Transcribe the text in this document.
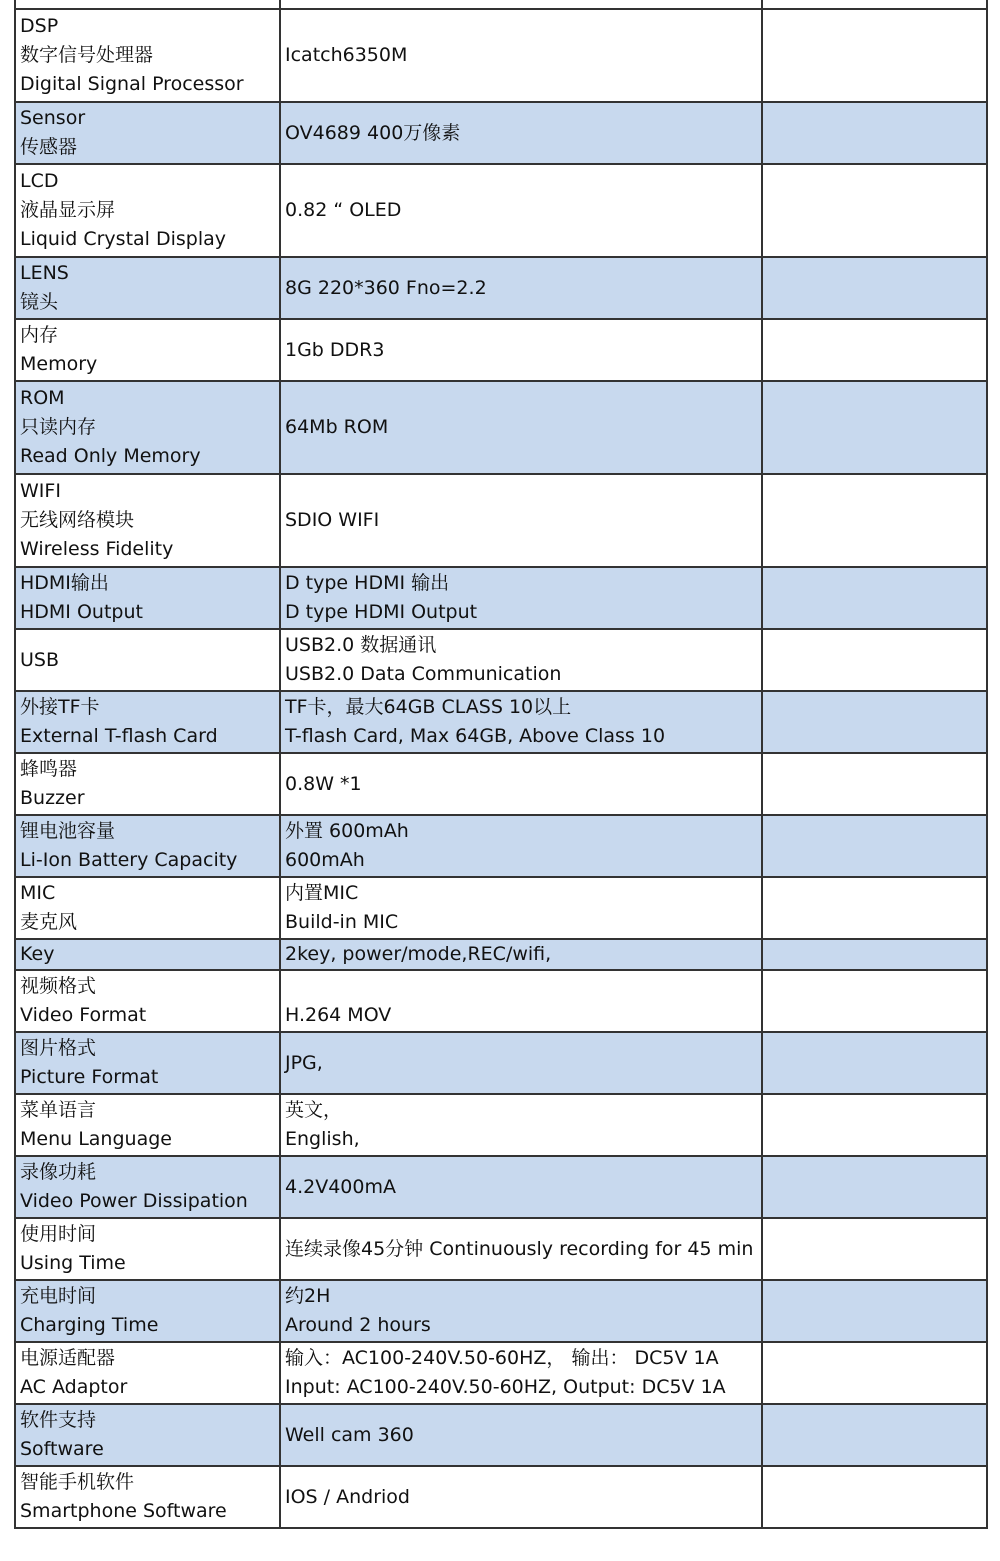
DSP
数字信号处理器
Digital Signal Processor	Icatch6350M	

Sensor
传感器	OV4689 400万像素	

LCD
液晶显示屏
Liquid Crystal Display	0.82 “ OLED	

LENS
镜头	8G 220*360 Fno=2.2	

内存
Memory	1Gb DDR3	

ROM
只读内存
Read Only Memory	64Mb ROM	

WIFI
无线网络模块
Wireless Fidelity	SDIO WIFI	

HDMI输出
HDMI Output	D type HDMI 输出
D type HDMI Output	

USB	USB2.0 数据通讯
USB2.0 Data Communication	

外接TF卡
External T-flash Card	TF卡，最大64GB CLASS 10以上
T-flash Card, Max 64GB, Above Class 10	

蜂鸣器
Buzzer	0.8W *1	

锂电池容量
Li-Ion Battery Capacity	外置 600mAh
600mAh	

MIC
麦克风	内置MIC
Build-in MIC	

Key	2key, power/mode,REC/wifi,	

视频格式
Video Format	H.264 MOV	

图片格式
Picture Format	JPG,	

菜单语言
Menu Language	英文，
English,	

录像功耗
Video Power Dissipation	4.2V400mA	

使用时间
Using Time	连续录像45分钟 Continuously recording for 45 min	

充电时间
Charging Time	约2H
Around 2 hours	

电源适配器
AC Adaptor	输入：AC100-240V.50-60HZ， 输出： DC5V 1A
Input: AC100-240V.50-60HZ, Output: DC5V 1A	

软件支持
Software	Well cam 360	

智能手机软件
Smartphone Software	IOS / Andriod	
